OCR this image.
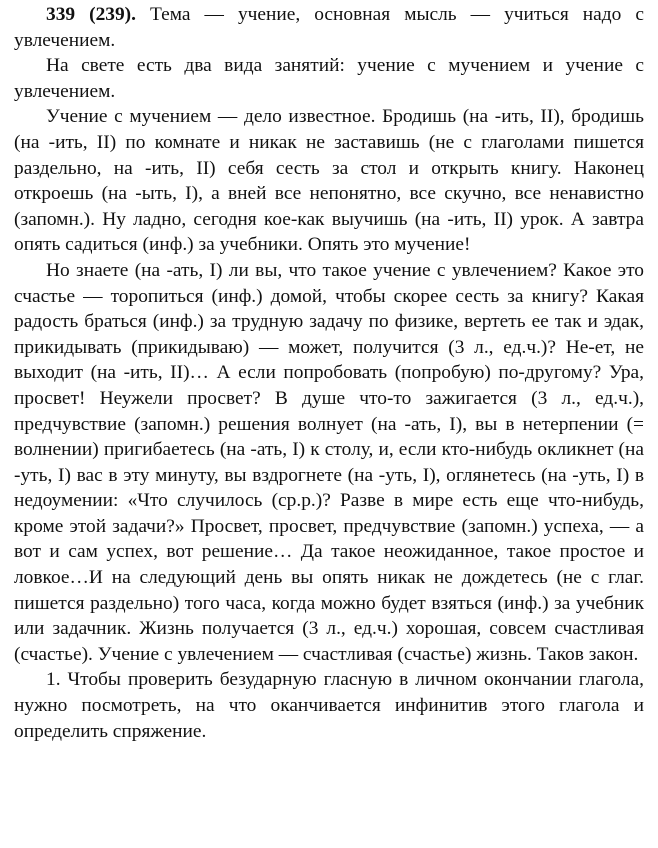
339 (239). Тема — учение, основная мысль — учиться надо с увлечением.

На свете есть два вида занятий: учение с мучением и учение с увлечением.

Учение с мучением — дело известное. Бродишь (на -ить, II), бродишь (на -ить, II) по комнате и никак не заставишь (не с глаголами пишется раздельно, на -ить, II) себя сесть за стол и открыть книгу. Наконец откроешь (на -ыть, I), а вней все непонятно, все скучно, все ненавистно (запомн.). Ну ладно, сегодня кое-как выучишь (на -ить, II) урок. А завтра опять садиться (инф.) за учебники. Опять это мучение!

Но знаете (на -ать, I) ли вы, что такое учение с увлечением? Какое это счастье — торопиться (инф.) домой, чтобы скорее сесть за книгу? Какая радость браться (инф.) за трудную задачу по физике, вертеть ее так и эдак, прикидывать (прикидываю) — может, получится (3 л., ед.ч.)? Не-ет, не выходит (на -ить, II)… А если попробовать (попробую) по-другому? Ура, просвет! Неужели просвет? В душе что-то зажигается (3 л., ед.ч.), предчувствие (запомн.) решения волнует (на -ать, I), вы в нетерпении (= волнении) пригибаетесь (на -ать, I) к столу, и, если кто-нибудь окликнет (на -уть, I) вас в эту минуту, вы вздрогнете (на -уть, I), оглянетесь (на -уть, I) в недоумении: «Что случилось (ср.р.)? Разве в мире есть еще что-нибудь, кроме этой задачи?» Просвет, просвет, предчувствие (запомн.) успеха, — а вот и сам успех, вот решение… Да такое неожиданное, такое простое и ловкое…И на следующий день вы опять никак не дождетесь (не с глаг. пишется раздельно) того часа, когда можно будет взяться (инф.) за учебник или задачник. Жизнь получается (3 л., ед.ч.) хорошая, совсем счастливая (счастье). Учение с увлечением — счастливая (счастье) жизнь. Таков закон.

1. Чтобы проверить безударную гласную в личном окончании глагола, нужно посмотреть, на что оканчивается инфинитив этого глагола и определить спряжение.
